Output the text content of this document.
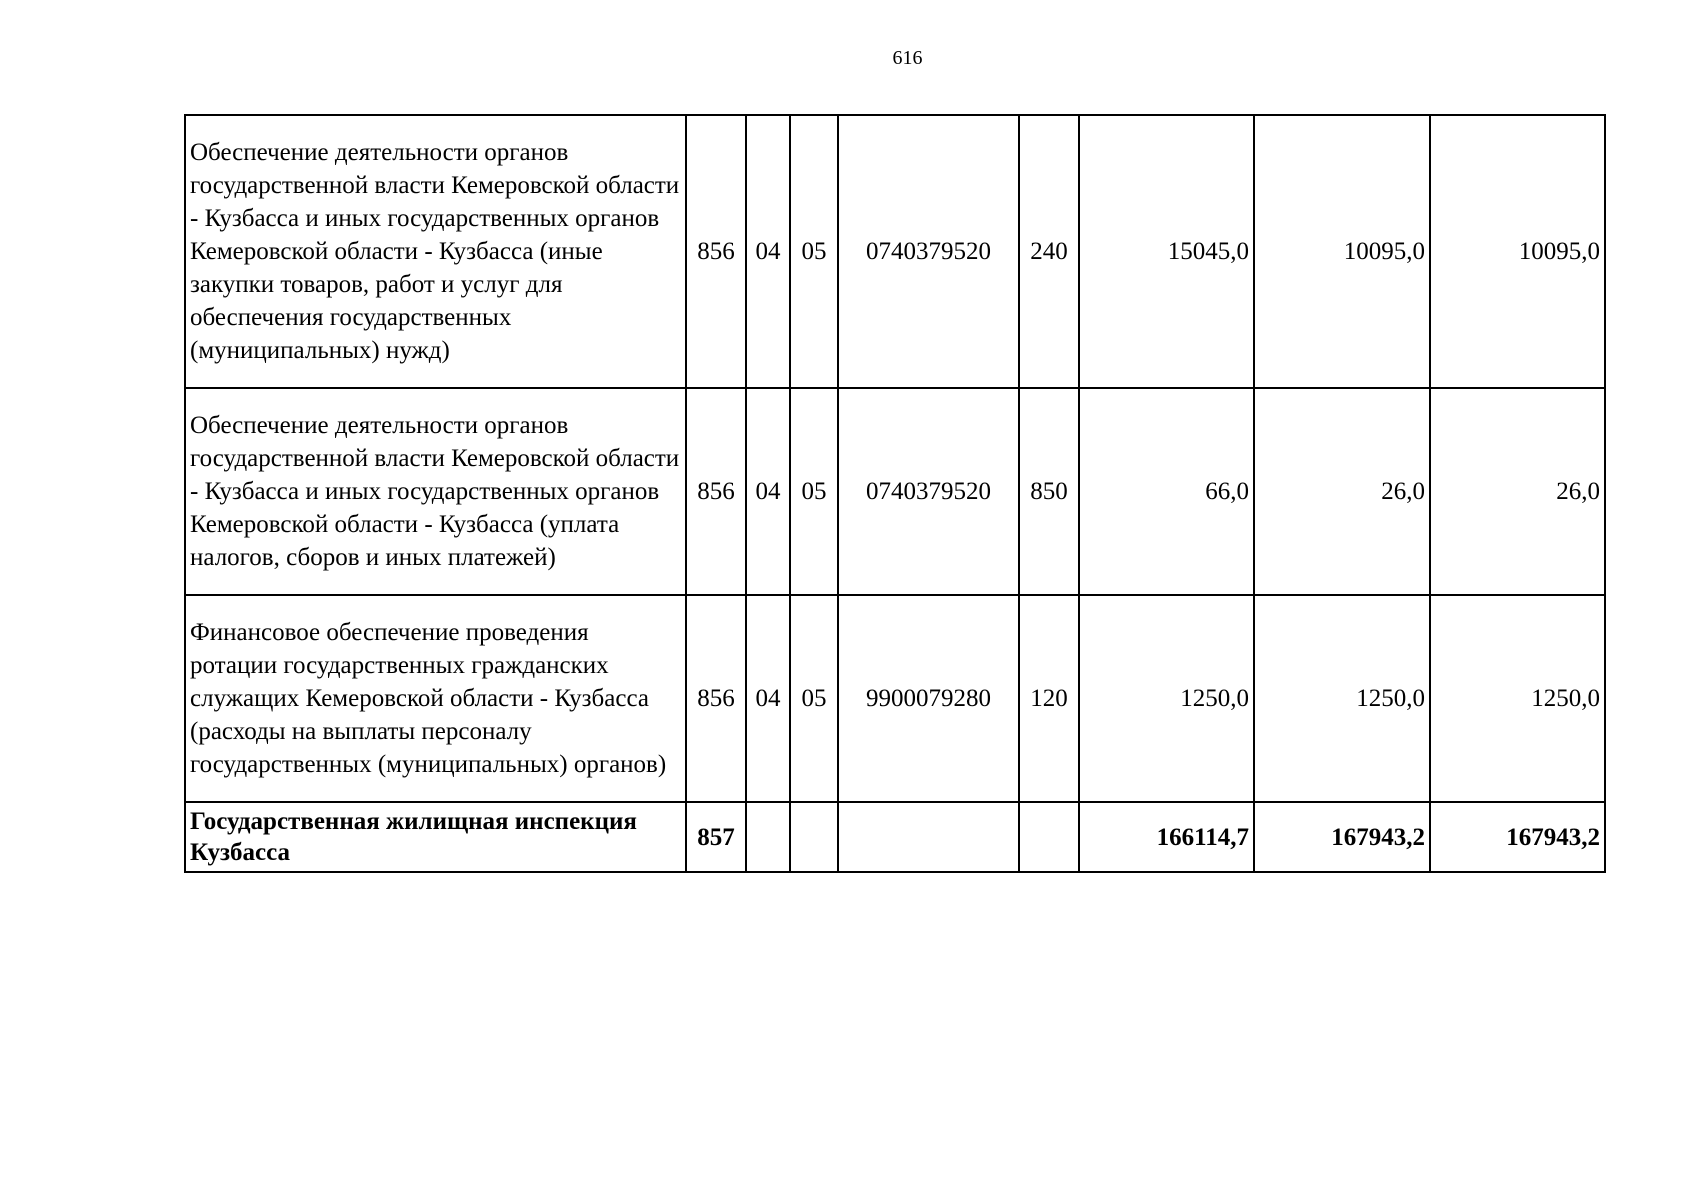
616
Обеспечение деятельности органов государственной власти Кемеровской области - Кузбасса и иных государственных органов Кемеровской области - Кузбасса (иные закупки товаров, работ и услуг для обеспечения государственных (муниципальных) нужд)	856	04	05	0740379520	240	15045,0	10095,0	10095,0
Обеспечение деятельности органов государственной власти Кемеровской области - Кузбасса и иных государственных органов Кемеровской области - Кузбасса (уплата налогов, сборов и иных платежей)	856	04	05	0740379520	850	66,0	26,0	26,0
Финансовое обеспечение проведения ротации государственных гражданских служащих Кемеровской области - Кузбасса (расходы на выплаты персоналу государственных (муниципальных) органов)	856	04	05	9900079280	120	1250,0	1250,0	1250,0
Государственная жилищная инспекция Кузбасса	857					166114,7	167943,2	167943,2
